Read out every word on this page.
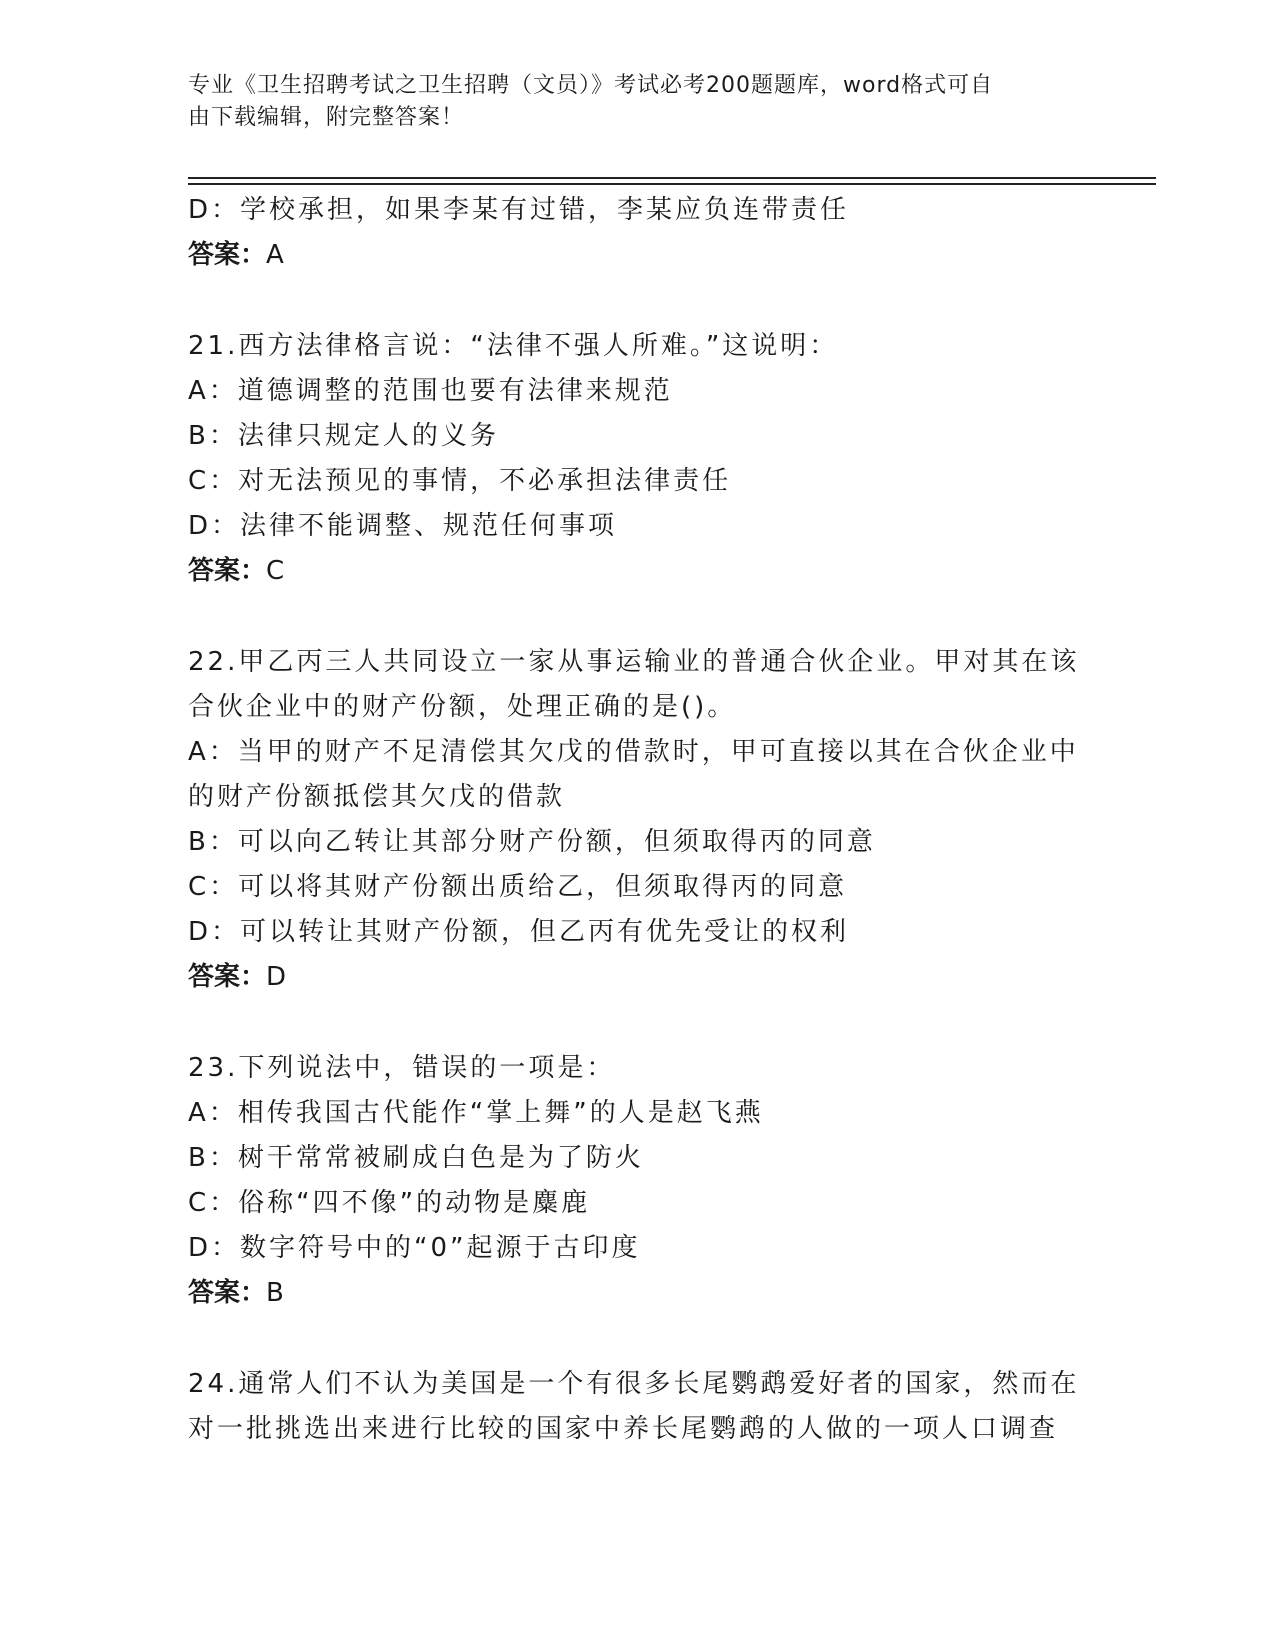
专业《卫生招聘考试之卫生招聘（文员）》考试必考200题题库，word格式可自
由下载编辑，附完整答案！
D：学校承担，如果李某有过错，李某应负连带责任
答案：A
21.西方法律格言说：“法律不强人所难。”这说明：
A：道德调整的范围也要有法律来规范
B：法律只规定人的义务
C：对无法预见的事情，不必承担法律责任
D：法律不能调整、规范任何事项
答案：C
22.甲乙丙三人共同设立一家从事运输业的普通合伙企业。甲对其在该
合伙企业中的财产份额，处理正确的是()。
A：当甲的财产不足清偿其欠戊的借款时，甲可直接以其在合伙企业中
的财产份额抵偿其欠戊的借款
B：可以向乙转让其部分财产份额，但须取得丙的同意
C：可以将其财产份额出质给乙，但须取得丙的同意
D：可以转让其财产份额，但乙丙有优先受让的权利
答案：D
23.下列说法中，错误的一项是：
A：相传我国古代能作“掌上舞”的人是赵飞燕
B：树干常常被刷成白色是为了防火
C：俗称“四不像”的动物是麋鹿
D：数字符号中的“0”起源于古印度
答案：B
24.通常人们不认为美国是一个有很多长尾鹦鹉爱好者的国家，然而在
对一批挑选出来进行比较的国家中养长尾鹦鹉的人做的一项人口调查
